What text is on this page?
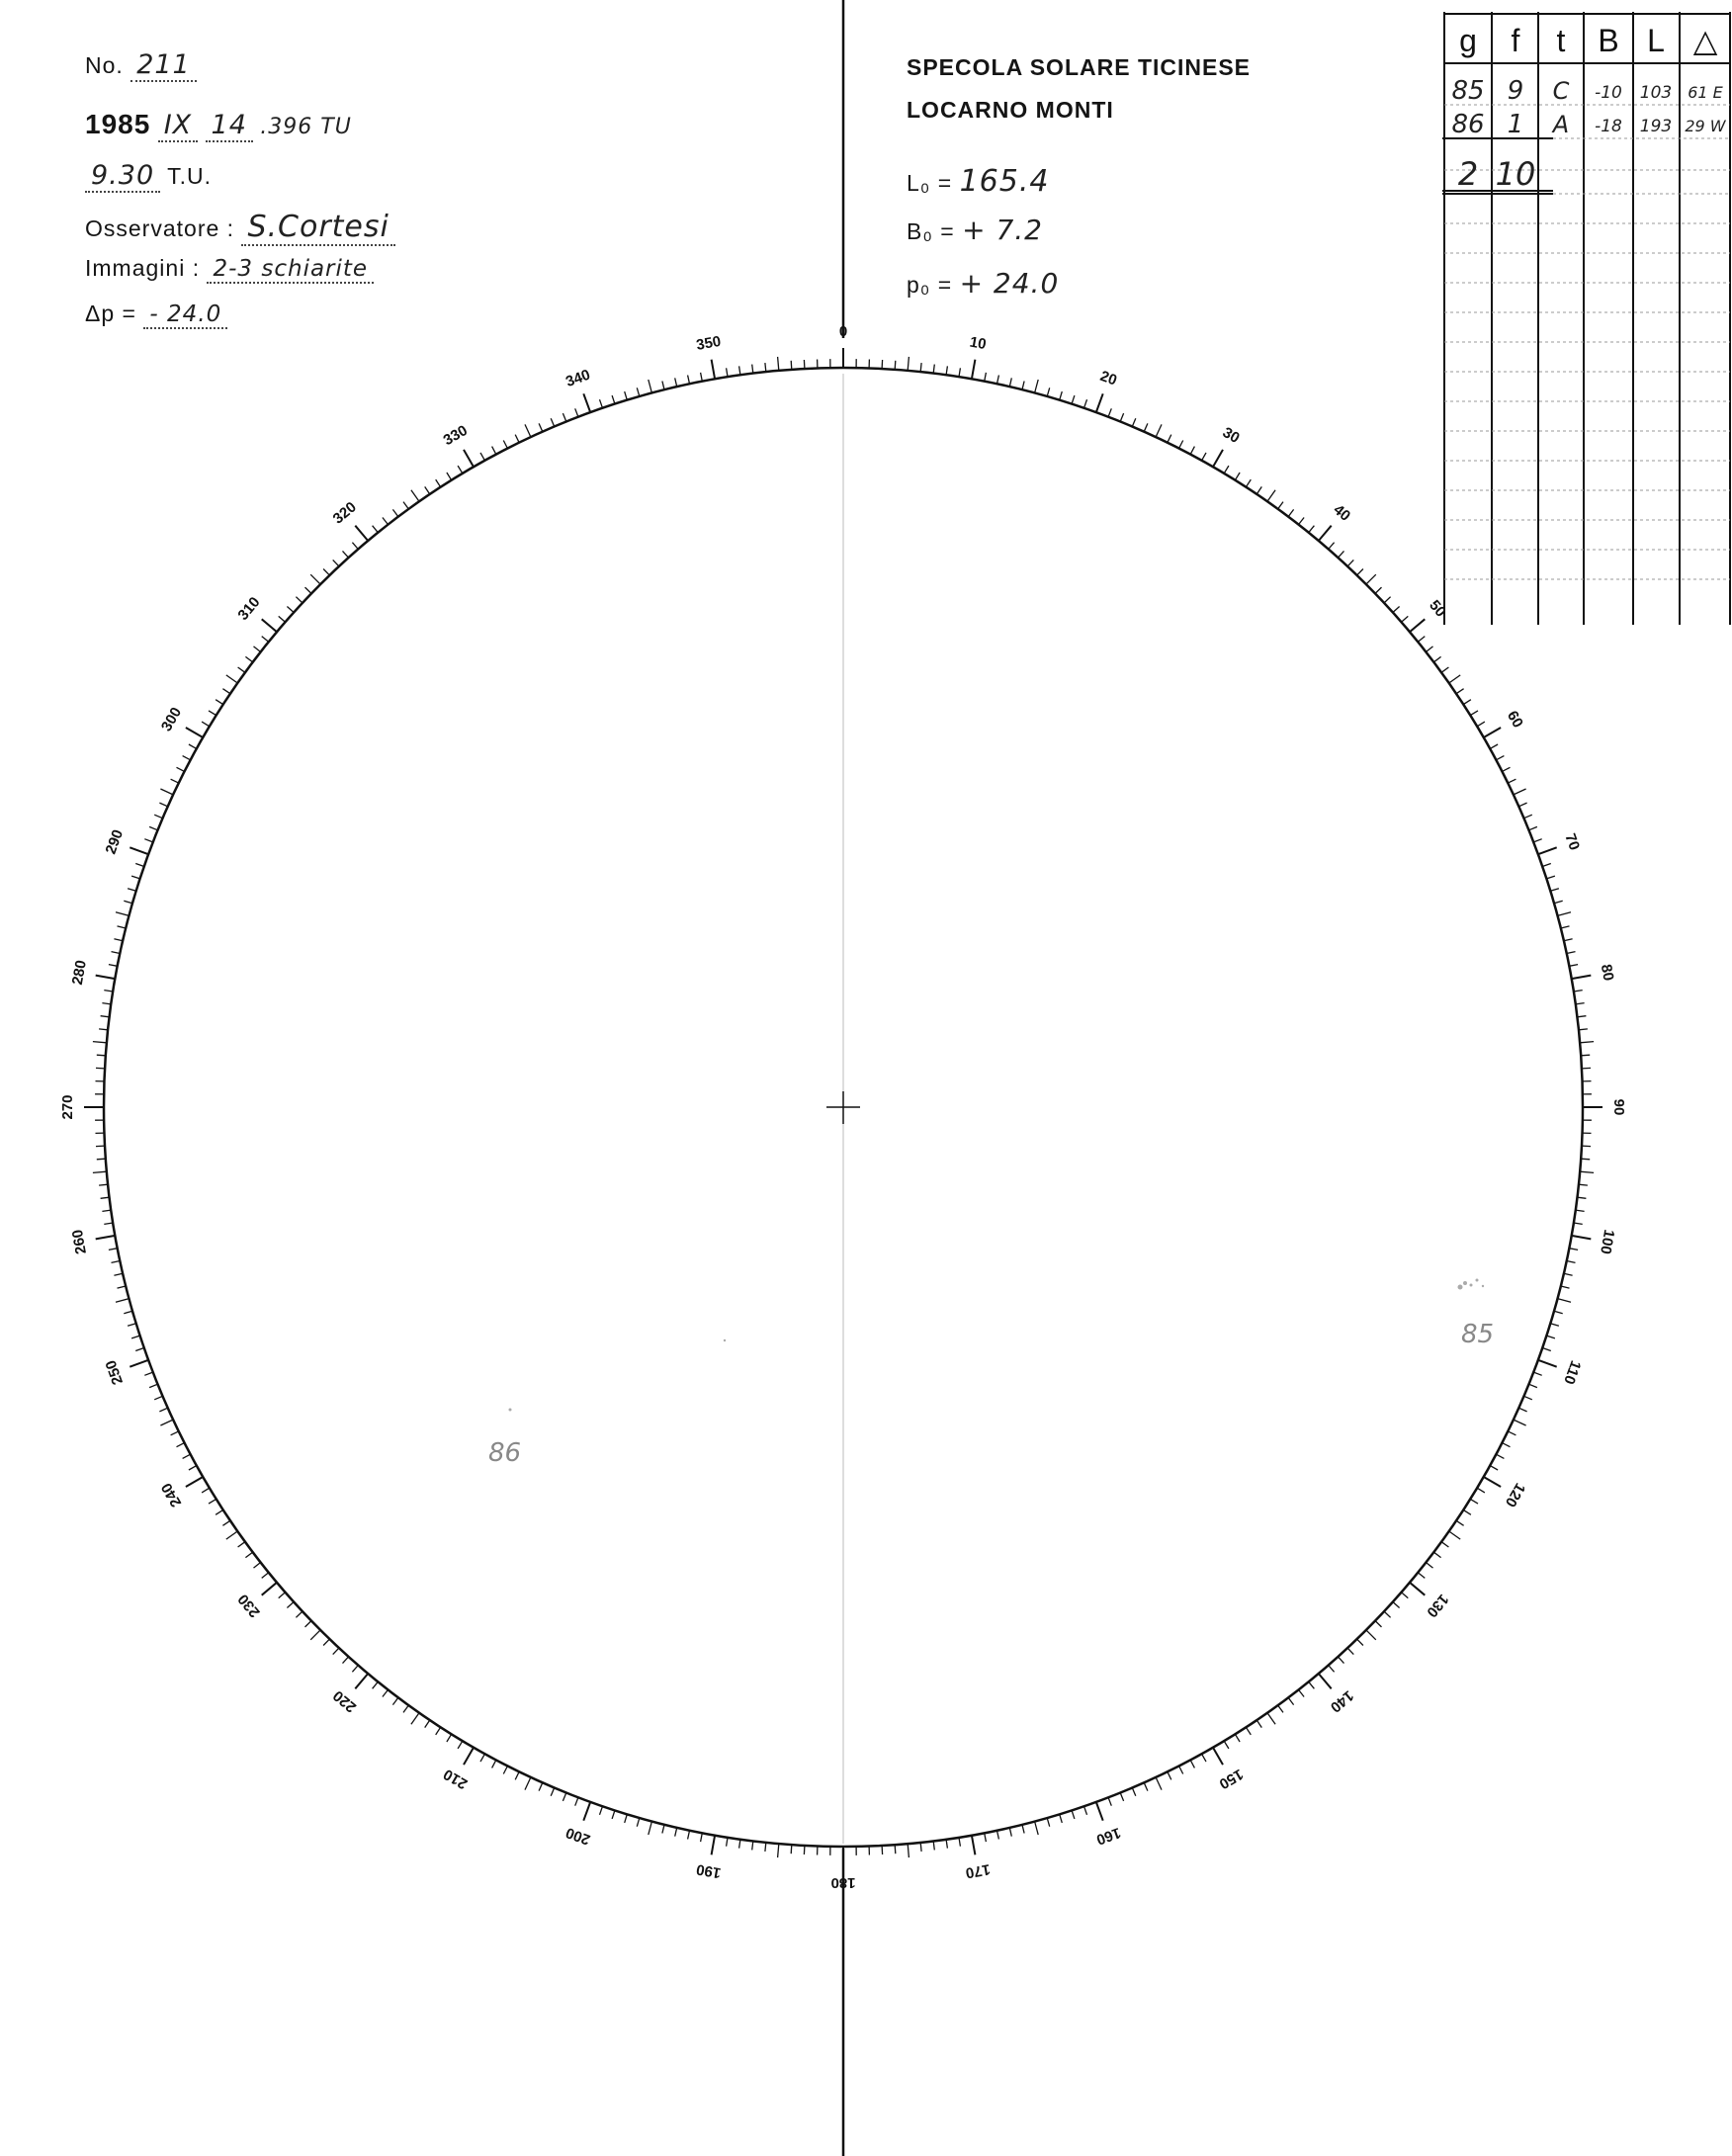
No. 211
1985 IX 14 .396 TU
9.30 T.U.
Osservatore : S.Cortesi
Immagini : 2-3 schiarite
Δp = - 24.0
SPECOLA SOLARE TICINESE
LOCARNO MONTI
L₀ = 165.4
B₀ = + 7.2
p₀ = + 24.0
g f t B L △
85 9 C -10 103 61 E
86 1 A -18 193 29 W
2 10
0
10
20
30
40
50
60
70
80
90
100
110
120
130
140
150
160
170
180
190
200
210
220
230
240
250
260
270
280
290
300
310
320
330
340
350
85
86
